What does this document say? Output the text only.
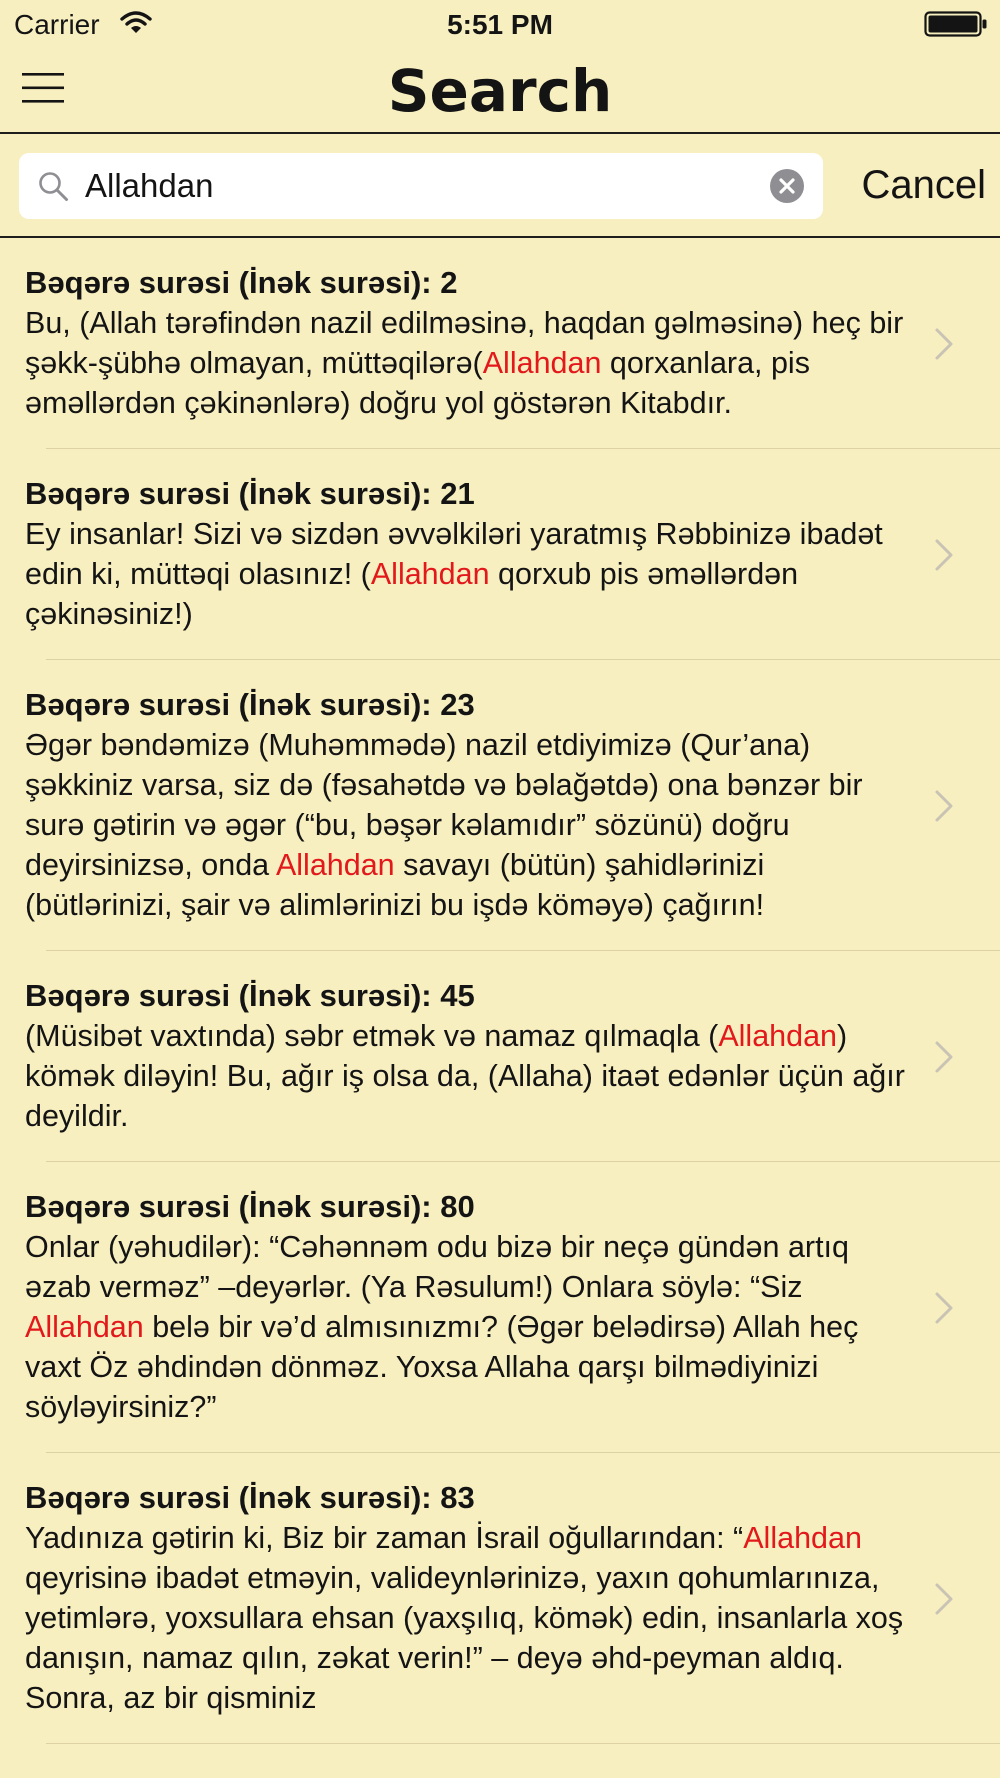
Carrier	5:51 PM
Search
Allahdan
Cancel
Bəqərə surəsi (İnək surəsi): 2
Bu, (Allah tərəfindən nazil edilməsinə, haqdan gəlməsinə) heç bir şəkk-şübhə olmayan, müttəqilərə(Allahdan qorxanlara, pis əməllərdən çəkinənlərə) doğru yol göstərən Kitabdır.
Bəqərə surəsi (İnək surəsi): 21
Ey insanlar! Sizi və sizdən əvvəlkiləri yaratmış Rəbbinizə ibadət edin ki, müttəqi olasınız! (Allahdan qorxub pis əməllərdən çəkinəsiniz!)
Bəqərə surəsi (İnək surəsi): 23
Əgər bəndəmizə (Muhəmmədə) nazil etdiyimizə (Qur’ana) şəkkiniz varsa, siz də (fəsahətdə və bəlağətdə) ona bənzər bir surə gətirin və əgər (“bu, bəşər kəlamıdır” sözünü) doğru deyirsinizsə, onda Allahdan savayı (bütün) şahidlərinizi (bütlərinizi, şair və alimlərinizi bu işdə köməyə) çağırın!
Bəqərə surəsi (İnək surəsi): 45
(Müsibət vaxtında) səbr etmək və namaz qılmaqla (Allahdan) kömək diləyin! Bu, ağır iş olsa da, (Allaha) itaət edənlər üçün ağır deyildir.
Bəqərə surəsi (İnək surəsi): 80
Onlar (yəhudilər): “Cəhənnəm odu bizə bir neçə gündən artıq əzab verməz” –deyərlər. (Ya Rəsulum!) Onlara söylə: “Siz Allahdan belə bir və’d almısınızmı? (Əgər belədirsə) Allah heç vaxt Öz əhdindən dönməz. Yoxsa Allaha qarşı bilmədiyinizi söyləyirsiniz?”
Bəqərə surəsi (İnək surəsi): 83
Yadınıza gətirin ki, Biz bir zaman İsrail oğullarından: “Allahdan qeyrisinə ibadət etməyin, valideynlərinizə, yaxın qohumlarınıza, yetimlərə, yoxsullara ehsan (yaxşılıq, kömək) edin, insanlarla xoş danışın, namaz qılın, zəkat verin!” – deyə əhd-peyman aldıq. Sonra, az bir qisminiz
